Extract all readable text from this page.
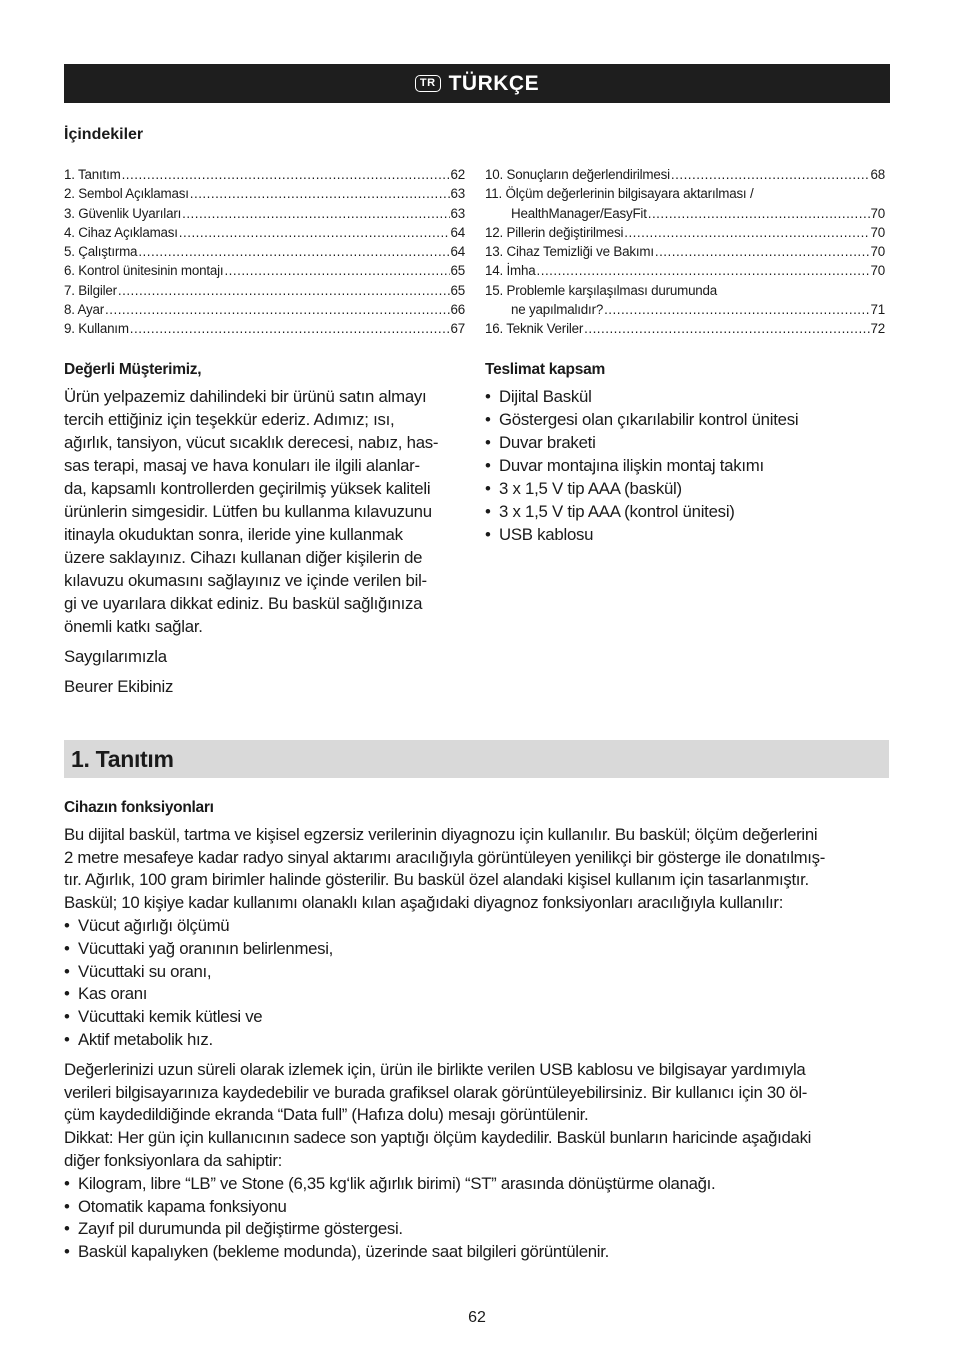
TR TÜRKÇE
İçindekiler
1. Tanıtım .....	62
2. Sembol Açıklaması .....	63
3. Güvenlik Uyarıları .....	63
4. Cihaz Açıklaması .....	64
5. Çalıştırma .....	64
6. Kontrol ünitesinin montajı .....	65
7. Bilgiler .....	65
8. Ayar .....	66
9. Kullanım .....	67
10. Sonuçların değerlendirilmesi .....	68
11. Ölçüm değerlerinin bilgisayara aktarılması /
HealthManager/EasyFit .....	70
12. Pillerin değiştirilmesi .....	70
13. Cihaz Temizliği ve Bakımı .....	70
14. İmha .....	70
15. Problemle karşılaşılması durumunda
ne yapılmalıdır? .....	71
16. Teknik Veriler .....	72
Değerli Müşterimiz,
Ürün yelpazemiz dahilindeki bir ürünü satın almayı
tercih ettiğiniz için teşekkür ederiz. Adımız; ısı,
ağırlık, tansiyon, vücut sıcaklık derecesi, nabız, has-
sas terapi, masaj ve hava konuları ile ilgili alanlar-
da, kapsamlı kontrollerden geçirilmiş yüksek kaliteli
ürünlerin simgesidir. Lütfen bu kullanma kılavuzunu
itinayla okuduktan sonra, ileride yine kullanmak
üzere saklayınız. Cihazı kullanan diğer kişilerin de
kılavuzu okumasını sağlayınız ve içinde verilen bil-
gi ve uyarılara dikkat ediniz. Bu baskül sağlığınıza
önemli katkı sağlar.
Saygılarımızla
Beurer Ekibiniz
Teslimat kapsam
• Dijital Baskül
• Göstergesi olan çıkarılabilir kontrol ünitesi
• Duvar braketi
• Duvar montajına ilişkin montaj takımı
• 3 x 1,5 V tip AAA (baskül)
• 3 x 1,5 V tip AAA (kontrol ünitesi)
• USB kablosu
1. Tanıtım
Cihazın fonksiyonları
Bu dijital baskül, tartma ve kişisel egzersiz verilerinin diyagnozu için kullanılır. Bu baskül; ölçüm değerlerini
2 metre mesafeye kadar radyo sinyal aktarımı aracılığıyla görüntüleyen yenilikçi bir gösterge ile donatılmış-
tır. Ağırlık, 100 gram birimler halinde gösterilir. Bu baskül özel alandaki kişisel kullanım için tasarlanmıştır.
Baskül; 10 kişiye kadar kullanımı olanaklı kılan aşağıdaki diyagnoz fonksiyonları aracılığıyla kullanılır:
• Vücut ağırlığı ölçümü
• Vücuttaki yağ oranının belirlenmesi,
• Vücuttaki su oranı,
• Kas oranı
• Vücuttaki kemik kütlesi ve
• Aktif metabolik hız.
Değerlerinizi uzun süreli olarak izlemek için, ürün ile birlikte verilen USB kablosu ve bilgisayar yardımıyla
verileri bilgisayarınıza kaydedebilir ve burada grafiksel olarak görüntüleyebilirsiniz. Bir kullanıcı için 30 öl-
çüm kaydedildiğinde ekranda “Data full” (Hafıza dolu) mesajı görüntülenir.
Dikkat: Her gün için kullanıcının sadece son yaptığı ölçüm kaydedilir. Baskül bunların haricinde aşağıdaki
diğer fonksiyonlara da sahiptir:
• Kilogram, libre “LB” ve Stone (6,35 kg‘lik ağırlık birimi) “ST” arasında dönüştürme olanağı.
• Otomatik kapama fonksiyonu
• Zayıf pil durumunda pil değiştirme göstergesi.
• Baskül kapalıyken (bekleme modunda), üzerinde saat bilgileri görüntülenir.
62
